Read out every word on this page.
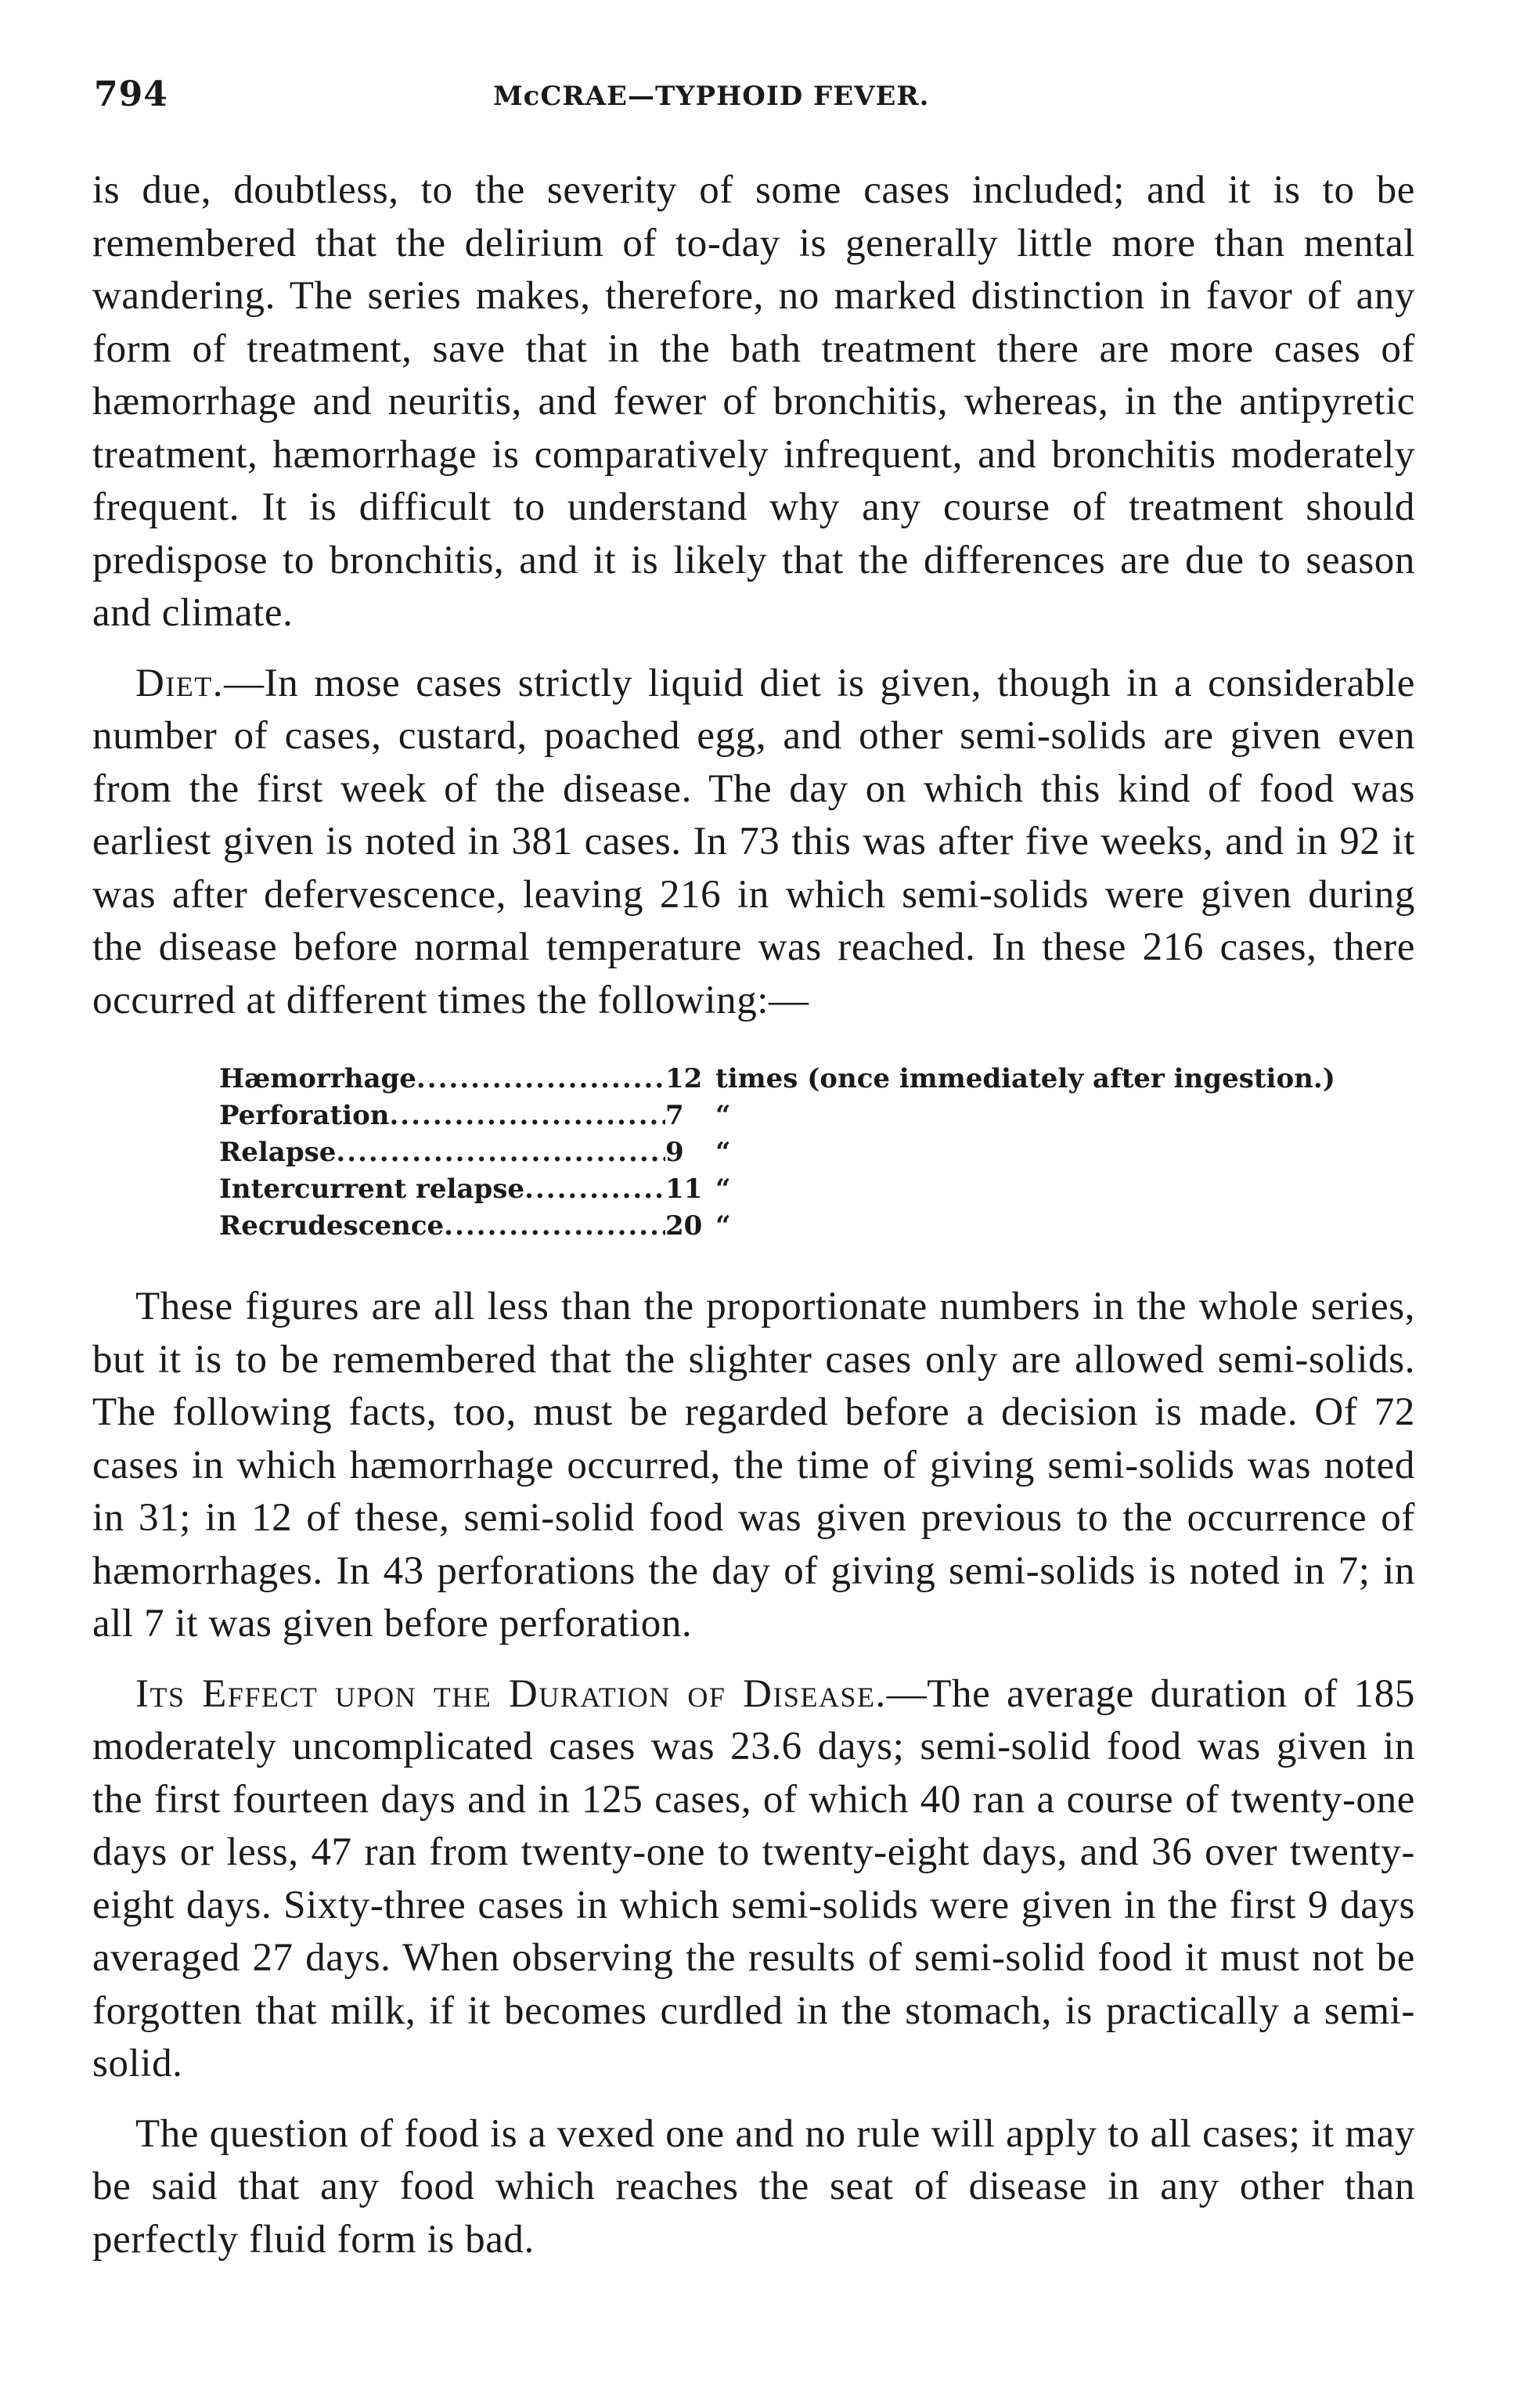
794	McCRAE—TYPHOID FEVER.

is due, doubtless, to the severity of some cases included; and it is to be remembered that the delirium of to-day is generally little more than mental wandering. The series makes, therefore, no marked distinction in favor of any form of treatment, save that in the bath treatment there are more cases of hæmorrhage and neuritis, and fewer of bronchitis, whereas, in the antipyretic treatment, hæmorrhage is comparatively infrequent, and bronchitis moderately frequent. It is difficult to understand why any course of treatment should predispose to bronchitis, and it is likely that the differences are due to season and climate.

Diet.—In mose cases strictly liquid diet is given, though in a considerable number of cases, custard, poached egg, and other semi-solids are given even from the first week of the disease. The day on which this kind of food was earliest given is noted in 381 cases. In 73 this was after five weeks, and in 92 it was after defervescence, leaving 216 in which semi-solids were given during the disease before normal temperature was reached. In these 216 cases, there occurred at different times the following:—

Hæmorrhage .....	12 times (once immediately after ingestion.)
Perforation .....	7	“
Relapse .....	9	“
Intercurrent relapse .....	11 “
Recrudescence .....	20 “

These figures are all less than the proportionate numbers in the whole series, but it is to be remembered that the slighter cases only are allowed semi-solids. The following facts, too, must be regarded before a decision is made. Of 72 cases in which hæmorrhage occurred, the time of giving semi-solids was noted in 31; in 12 of these, semi-solid food was given previous to the occurrence of hæmorrhages. In 43 perforations the day of giving semi-solids is noted in 7; in all 7 it was given before perforation.

Its Effect upon the Duration of Disease.—The average duration of 185 moderately uncomplicated cases was 23.6 days; semi-solid food was given in the first fourteen days and in 125 cases, of which 40 ran a course of twenty-one days or less, 47 ran from twenty-one to twenty-eight days, and 36 over twenty-eight days. Sixty-three cases in which semi-solids were given in the first 9 days averaged 27 days. When observing the results of semi-solid food it must not be forgotten that milk, if it becomes curdled in the stomach, is practically a semi-solid.

The question of food is a vexed one and no rule will apply to all cases; it may be said that any food which reaches the seat of disease in any other than perfectly fluid form is bad.
